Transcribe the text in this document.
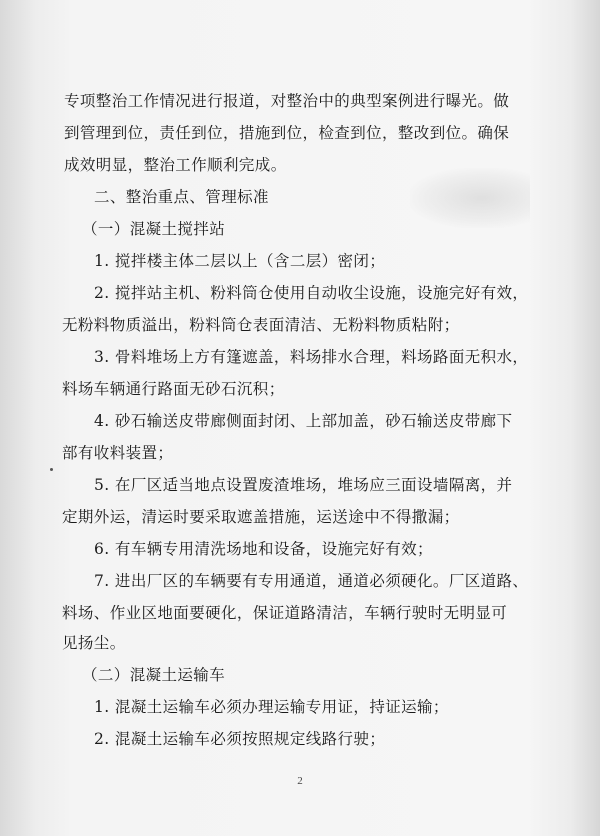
专项整治工作情况进行报道，对整治中的典型案例进行曝光。做
到管理到位，责任到位，措施到位，检查到位，整改到位。确保
成效明显，整治工作顺利完成。
二、整治重点、管理标准
（一）混凝土搅拌站
1. 搅拌楼主体二层以上（含二层）密闭；
2. 搅拌站主机、粉料筒仓使用自动收尘设施，设施完好有效，
无粉料物质溢出，粉料筒仓表面清洁、无粉料物质粘附；
3. 骨料堆场上方有篷遮盖，料场排水合理，料场路面无积水，
料场车辆通行路面无砂石沉积；
4. 砂石输送皮带廊侧面封闭、上部加盖，砂石输送皮带廊下
部有收料装置；
5. 在厂区适当地点设置废渣堆场，堆场应三面设墙隔离，并
定期外运，清运时要采取遮盖措施，运送途中不得撒漏；
6. 有车辆专用清洗场地和设备，设施完好有效；
7. 进出厂区的车辆要有专用通道，通道必须硬化。厂区道路、
料场、作业区地面要硬化，保证道路清洁，车辆行驶时无明显可
见扬尘。
（二）混凝土运输车
1. 混凝土运输车必须办理运输专用证，持证运输；
2. 混凝土运输车必须按照规定线路行驶；
2
